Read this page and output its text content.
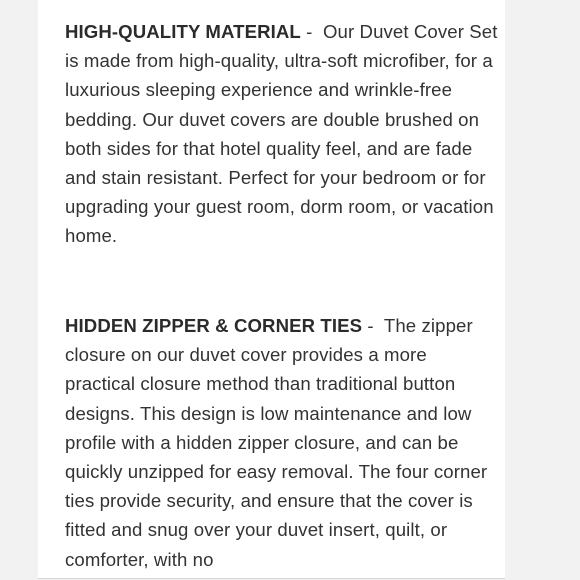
HIGH-QUALITY MATERIAL -  Our Duvet Cover Set is made from high-quality, ultra-soft microfiber, for a luxurious sleeping experience and wrinkle-free bedding. Our duvet covers are double brushed on both sides for that hotel quality feel, and are fade and stain resistant. Perfect for your bedroom or for upgrading your guest room, dorm room, or vacation home.

HIDDEN ZIPPER & CORNER TIES -  The zipper closure on our duvet cover provides a more practical closure method than traditional button designs. This design is low maintenance and low profile with a hidden zipper closure, and can be quickly unzipped for easy removal. The four corner ties provide security, and ensure that the cover is fitted and snug over your duvet insert, quilt, or comforter, with no
